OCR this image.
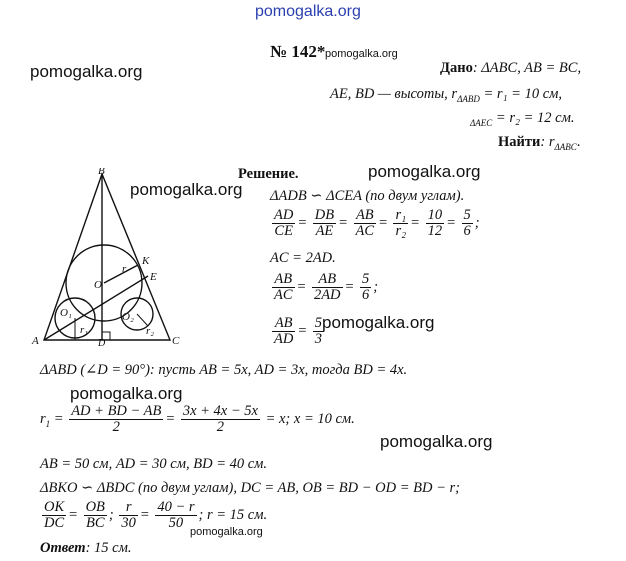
pomogalka.org
№ 142* pomogalka.org
pomogalka.org	Дано: ΔABC, AB = BC,
AE, BD — высоты, $r_{\Delta ABD} = r_1 = 10$ см,
$_{\Delta AEC}$ = r₂ = 12 см.
Найти: $r_{\Delta ABC}$.
B
A	C
D
E
K
O
r
O₁
r₁
O₂
r₂
pomogalka.org
pomogalka.org
pomogalka.org
pomogalka.org
pomogalka.org
pomogalka.org
Решение.
ΔADB ∽ ΔCEA (по двум углам).
$\frac{AD}{CE} = \frac{DB}{AE} = \frac{AB}{AC} = \frac{\text{r₁}}{\text{r₂}} = \frac{10}{12} = \frac{5}{6}$ ;
AC = 2AD.
$\frac{AB}{AC} = \frac{AB}{2AD} = \frac{5}{6}$ ;
$\frac{AB}{AD} = \frac{5}{3}$
ΔABD (∠D = 90°): пусть AB = 5x, AD = 3x, тогда BD = 4x.
$r_1 = \frac{AD + BD - AB}{2} = \frac{3x + 4x - 5x}{2} = x$; x = 10 см.
AB = 50 см, AD = 30 см, BD = 40 см.
ΔBKO ∽ ΔBDC (по двум углам), DC = AB, OB = BD − OD = BD − r;
$\frac{OK}{DC} = \frac{OB}{BC}$ ; $\frac{r}{30} = \frac{40 - r}{50}$ ; r = 15 см.
Ответ: 15 см.
